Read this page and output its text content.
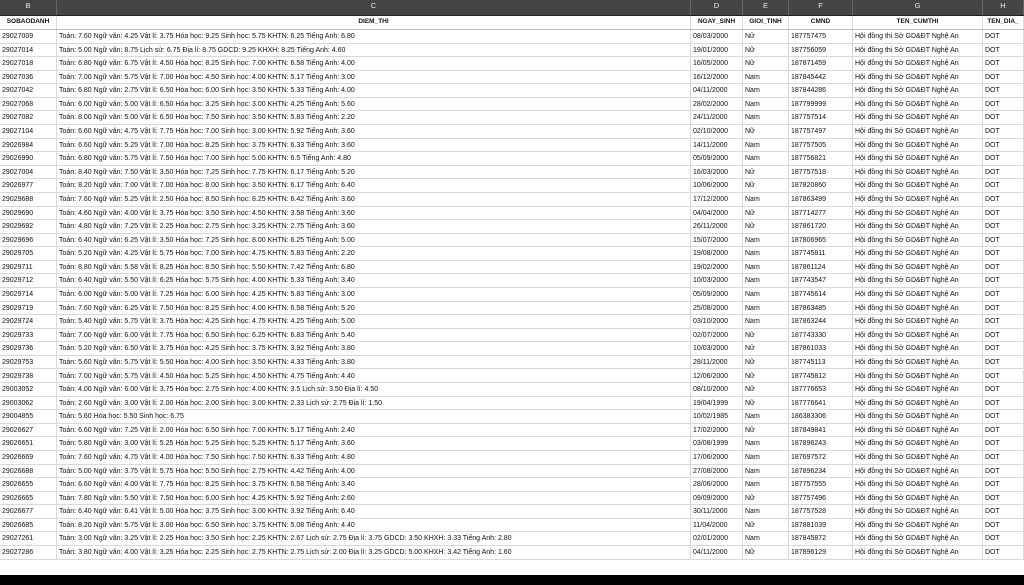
B	C	D	E	F	G	H
SOBAODANH	DIEM_THI	NGAY_SINH	GIOI_TINH	CMND	TEN_CUMTHI	TEN_DIA_
29027009	Toán: 7.60 Ngữ văn: 4.25 Vật lí: 3.75 Hóa học: 9.25 Sinh học: 5.75 KHTN: 6.25 Tiếng Anh: 6.80	08/03/2000	Nữ	187757475	Hội đồng thi Sở GD&ĐT Nghệ An	DOT
29027014	Toán: 5.00 Ngữ văn: 8.75 Lịch sử: 6.75 Địa lí: 8.75 GDCD: 9.25 KHXH: 8.25 Tiếng Anh: 4.60	19/01/2000	Nữ	187756059	Hội đồng thi Sở GD&ĐT Nghệ An	DOT
29027018	Toán: 6.80 Ngữ văn: 6.75 Vật lí: 4.50 Hóa học: 8.25 Sinh học: 7.00 KHTN: 6.58 Tiếng Anh: 4.00	16/05/2000	Nữ	187871459	Hội đồng thi Sở GD&ĐT Nghệ An	DOT
29027036	Toán: 7.00 Ngữ văn: 5.75 Vật lí: 7.00 Hóa học: 4.50 Sinh học: 4.00 KHTN: 5.17 Tiếng Anh: 3.00	16/12/2000	Nam	187845442	Hội đồng thi Sở GD&ĐT Nghệ An	DOT
29027042	Toán: 6.80 Ngữ văn: 2.75 Vật lí: 6.50 Hóa học: 6.00 Sinh học: 3.50 KHTN: 5.33 Tiếng Anh: 4.00	04/11/2000	Nam	187844286	Hội đồng thi Sở GD&ĐT Nghệ An	DOT
29027068	Toán: 6.00 Ngữ văn: 5.00 Vật lí: 6.50 Hóa học: 3.25 Sinh học: 3.00 KHTN: 4.25 Tiếng Anh: 5.60	28/02/2000	Nam	187799999	Hội đồng thi Sở GD&ĐT Nghệ An	DOT
29027082	Toán: 8.00 Ngữ văn: 5.00 Vật lí: 6.50 Hóa học: 7.50 Sinh học: 3.50 KHTN: 5.83 Tiếng Anh: 2.20	24/11/2000	Nam	187757514	Hội đồng thi Sở GD&ĐT Nghệ An	DOT
29027104	Toán: 6.60 Ngữ văn: 4.75 Vật lí: 7.75 Hóa học: 7.00 Sinh học: 3.00 KHTN: 5.92 Tiếng Anh: 3.60	02/10/2000	Nữ	187757497	Hội đồng thi Sở GD&ĐT Nghệ An	DOT
29026984	Toán: 6.60 Ngữ văn: 5.25 Vật lí: 7.00 Hóa học: 8.25 Sinh học: 3.75 KHTN: 6.33 Tiếng Anh: 3.60	14/11/2000	Nam	187757505	Hội đồng thi Sở GD&ĐT Nghệ An	DOT
29026990	Toán: 6.80 Ngữ văn: 5.75 Vật lí: 7.50 Hóa học: 7.00 Sinh học: 5.00 KHTN: 6.5 Tiếng Anh: 4.80	05/09/2000	Nam	187756821	Hội đồng thi Sở GD&ĐT Nghệ An	DOT
29027004	Toán: 8.40 Ngữ văn: 7.50 Vật lí: 3.50 Hóa học: 7.25 Sinh học: 7.75 KHTN: 6.17 Tiếng Anh: 5.20	16/03/2000	Nữ	187757518	Hội đồng thi Sở GD&ĐT Nghệ An	DOT
29026977	Toán: 8.20 Ngữ văn: 7.00 Vật lí: 7.00 Hóa học: 8.00 Sinh học: 3.50 KHTN: 6.17 Tiếng Anh: 6.40	10/06/2000	Nữ	187820860	Hội đồng thi Sở GD&ĐT Nghệ An	DOT
29029688	Toán: 7.60 Ngữ văn: 5.25 Vật lí: 2.50 Hóa học: 8.50 Sinh học: 8.25 KHTN: 6.42 Tiếng Anh: 3.60	17/12/2000	Nam	187863499	Hội đồng thi Sở GD&ĐT Nghệ An	DOT
29029690	Toán: 4.60 Ngữ văn: 4.00 Vật lí: 3.75 Hóa học: 3.50 Sinh học: 4.50 KHTN: 3.58 Tiếng Anh: 3.60	04/04/2000	Nữ	187714277	Hội đồng thi Sở GD&ĐT Nghệ An	DOT
29029692	Toán: 4.80 Ngữ văn: 7.25 Vật lí: 2.25 Hóa học: 2.75 Sinh học: 3.25 KHTN: 2.75 Tiếng Anh: 3.60	26/11/2000	Nữ	187861720	Hội đồng thi Sở GD&ĐT Nghệ An	DOT
29029696	Toán: 6.40 Ngữ văn: 6.25 Vật lí: 3.50 Hóa học: 7.25 Sinh học: 8.00 KHTN: 6.25 Tiếng Anh: 5.00	15/07/2000	Nam	187806965	Hội đồng thi Sở GD&ĐT Nghệ An	DOT
29029705	Toán: 5.20 Ngữ văn: 4.25 Vật lí: 5.75 Hóa học: 7.00 Sinh học: 4.75 KHTN: 5.83 Tiếng Anh: 2.20	19/08/2000	Nam	187745811	Hội đồng thi Sở GD&ĐT Nghệ An	DOT
29029711	Toán: 8.80 Ngữ văn: 5.58 Vật lí: 8.25 Hóa học: 8.50 Sinh học: 5.50 KHTN: 7.42 Tiếng Anh: 6.80	19/02/2000	Nam	187861124	Hội đồng thi Sở GD&ĐT Nghệ An	DOT
29029712	Toán: 6.40 Ngữ văn: 5.50 Vật lí: 6.25 Hóa học: 5.75 Sinh học: 4.00 KHTN: 5.33 Tiếng Anh: 3.40	10/03/2000	Nam	187743547	Hội đồng thi Sở GD&ĐT Nghệ An	DOT
29029714	Toán: 6.00 Ngữ văn: 5.00 Vật lí: 7.25 Hóa học: 6.00 Sinh học: 4.25 KHTN: 5.83 Tiếng Anh: 3.00	05/09/2000	Nam	187745614	Hội đồng thi Sở GD&ĐT Nghệ An	DOT
29029719	Toán: 7.60 Ngữ văn: 6.25 Vật lí: 7.50 Hóa học: 8.25 Sinh học: 4.00 KHTN: 6.58 Tiếng Anh: 5.20	25/08/2000	Nam	187863485	Hội đồng thi Sở GD&ĐT Nghệ An	DOT
29029724	Toán: 5.40 Ngữ văn: 5.75 Vật lí: 3.75 Hóa học: 4.25 Sinh học: 4.75 KHTN: 4.25 Tiếng Anh: 5.00	03/10/2000	Nam	187863244	Hội đồng thi Sở GD&ĐT Nghệ An	DOT
29029733	Toán: 7.00 Ngữ văn: 6.00 Vật lí: 7.75 Hóa học: 6.50 Sinh học: 6.25 KHTN: 6.83 Tiếng Anh: 5.40	02/07/2000	Nữ	187743330	Hội đồng thi Sở GD&ĐT Nghệ An	DOT
29029736	Toán: 5.20 Ngữ văn: 6.50 Vật lí: 3.75 Hóa học: 4.25 Sinh học: 3.75 KHTN: 3.92 Tiếng Anh: 3.80	10/03/2000	Nữ	187861033	Hội đồng thi Sở GD&ĐT Nghệ An	DOT
29029753	Toán: 5.60 Ngữ văn: 5.75 Vật lí: 5.50 Hóa học: 4.00 Sinh học: 3.50 KHTN: 4.33 Tiếng Anh: 3.80	28/11/2000	Nữ	187745113	Hội đồng thi Sở GD&ĐT Nghệ An	DOT
29029738	Toán: 7.00 Ngữ văn: 5.75 Vật lí: 4.50 Hóa học: 5.25 Sinh học: 4.50 KHTN: 4.75 Tiếng Anh: 4.40	12/06/2000	Nữ	187745812	Hội đồng thi Sở GD&ĐT Nghệ An	DOT
29003052	Toán: 4.00 Ngữ văn: 6.00 Vật lí: 3.75 Hóa học: 2.75 Sinh học: 4.00 KHTN: 3.5 Lịch sử: 3.50 Địa lí: 4.50	08/10/2000	Nữ	187776653	Hội đồng thi Sở GD&ĐT Nghệ An	DOT
29003062	Toán: 2.60 Ngữ văn: 3.00 Vật lí: 2.00 Hóa học: 2.00 Sinh học: 3.00 KHTN: 2.33 Lịch sử: 2.75 Địa lí: 1.50	19/04/1999	Nữ	187776641	Hội đồng thi Sở GD&ĐT Nghệ An	DOT
29004855	Toán: 5.60 Hóa học: 5.50 Sinh học: 6.75	10/02/1985	Nam	186383306	Hội đồng thi Sở GD&ĐT Nghệ An	DOT
29026627	Toán: 6.60 Ngữ văn: 7.25 Vật lí: 2.00 Hóa học: 6.50 Sinh học: 7.00 KHTN: 5.17 Tiếng Anh: 2.40	17/02/2000	Nữ	187849841	Hội đồng thi Sở GD&ĐT Nghệ An	DOT
29026651	Toán: 5.80 Ngữ văn: 3.00 Vật lí: 5.25 Hóa học: 5.25 Sinh học: 5.25 KHTN: 5.17 Tiếng Anh: 3.60	03/08/1999	Nam	187896243	Hội đồng thi Sở GD&ĐT Nghệ An	DOT
29026669	Toán: 7.60 Ngữ văn: 4.75 Vật lí: 4.00 Hóa học: 7.50 Sinh học: 7.50 KHTN: 6.33 Tiếng Anh: 4.80	17/06/2000	Nam	187697572	Hội đồng thi Sở GD&ĐT Nghệ An	DOT
29026688	Toán: 5.00 Ngữ văn: 3.75 Vật lí: 5.75 Hóa học: 5.50 Sinh học: 2.75 KHTN: 4.42 Tiếng Anh: 4.00	27/08/2000	Nam	187896234	Hội đồng thi Sở GD&ĐT Nghệ An	DOT
29026655	Toán: 6.60 Ngữ văn: 4.00 Vật lí: 7.75 Hóa học: 8.25 Sinh học: 3.75 KHTN: 6.58 Tiếng Anh: 3.40	28/06/2000	Nam	187757555	Hội đồng thi Sở GD&ĐT Nghệ An	DOT
29026665	Toán: 7.80 Ngữ văn: 5.50 Vật lí: 7.50 Hóa học: 6.00 Sinh học: 4.25 KHTN: 5.92 Tiếng Anh: 2.60	09/09/2000	Nữ	187757496	Hội đồng thi Sở GD&ĐT Nghệ An	DOT
29026677	Toán: 6.40 Ngữ văn: 6.41 Vật lí: 5.00 Hóa học: 3.75 Sinh học: 3.00 KHTN: 3.92 Tiếng Anh: 6.40	30/11/2000	Nam	187757528	Hội đồng thi Sở GD&ĐT Nghệ An	DOT
29026685	Toán: 8.20 Ngữ văn: 5.75 Vật lí: 3.00 Hóa học: 6.50 Sinh học: 3.75 KHTN: 5.08 Tiếng Anh: 4.40	11/04/2000	Nữ	187881039	Hội đồng thi Sở GD&ĐT Nghệ An	DOT
29027261	Toán: 3.00 Ngữ văn: 3.25 Vật lí: 2.25 Hóa học: 3.50 Sinh học: 2.25 KHTN: 2.67 Lịch sử: 2.75 Địa lí: 3.75 GDCD: 3.50 KHXH: 3.33 Tiếng Anh: 2.80	02/01/2000	Nam	187845872	Hội đồng thi Sở GD&ĐT Nghệ An	DOT
29027286	Toán: 3.80 Ngữ văn: 4.00 Vật lí: 3.25 Hóa học: 2.25 Sinh học: 2.75 KHTN: 2.75 Lịch sử: 2.00 Địa lí: 3.25 GDCD: 5.00 KHXH: 3.42 Tiếng Anh: 1.60	04/11/2000	Nữ	187896129	Hội đồng thi Sở GD&ĐT Nghệ An	DOT
